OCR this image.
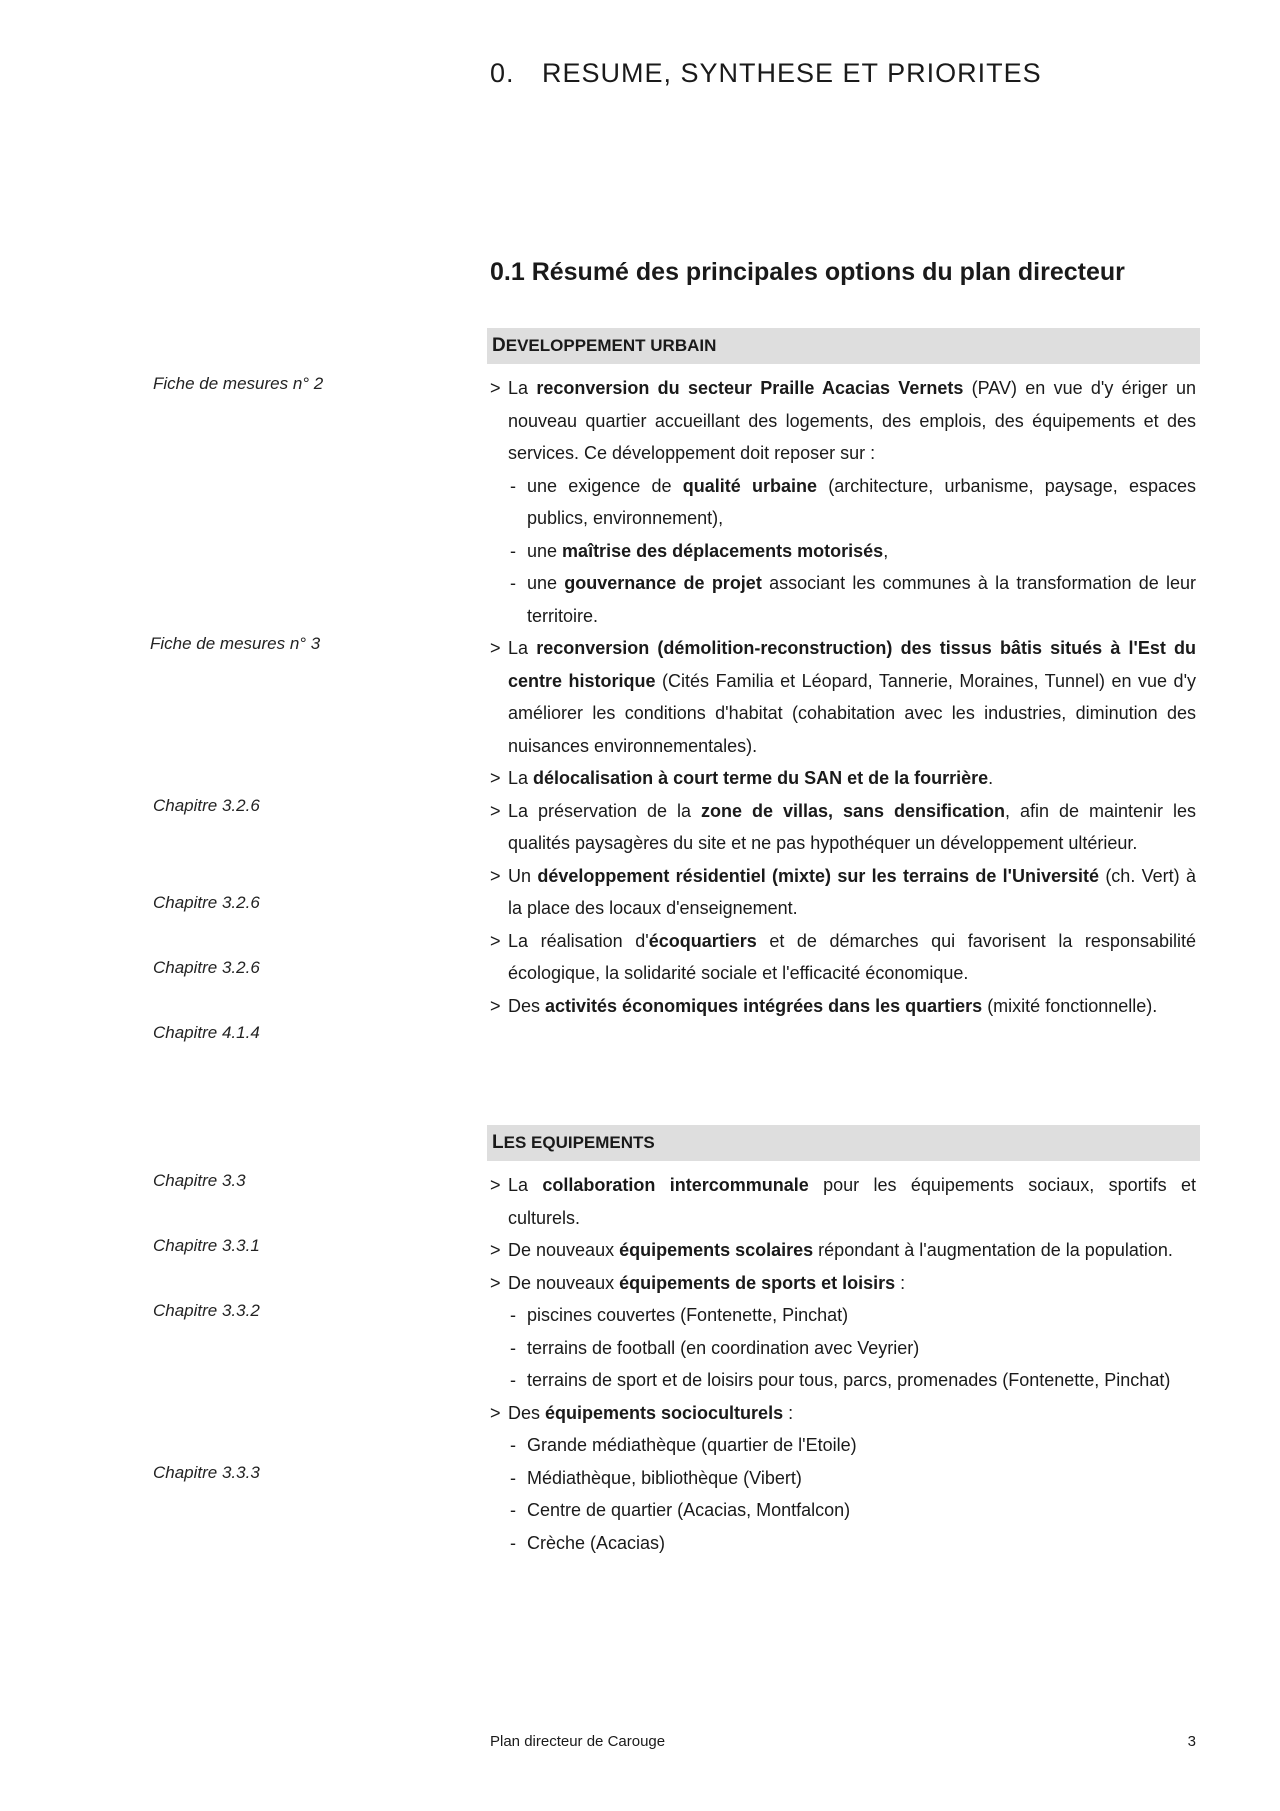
0. RESUME, SYNTHESE ET PRIORITES
0.1 Résumé des principales options du plan directeur
DEVELOPPEMENT URBAIN
Fiche de mesures n° 2
Fiche de mesures n° 3
Chapitre 3.2.6
Chapitre 3.2.6
Chapitre 3.2.6
Chapitre 4.1.4
> La reconversion du secteur Praille Acacias Vernets (PAV) en vue d'y ériger un nouveau quartier accueillant des logements, des emplois, des équipements et des services. Ce développement doit reposer sur :
- une exigence de qualité urbaine (architecture, urbanisme, paysage, espaces publics, environnement),
- une maîtrise des déplacements motorisés,
- une gouvernance de projet associant les communes à la transformation de leur territoire.
> La reconversion (démolition-reconstruction) des tissus bâtis situés à l'Est du centre historique (Cités Familia et Léopard, Tannerie, Moraines, Tunnel) en vue d'y améliorer les conditions d'habitat (cohabitation avec les industries, diminution des nuisances environnementales).
> La délocalisation à court terme du SAN et de la fourrière.
> La préservation de la zone de villas, sans densification, afin de maintenir les qualités paysagères du site et ne pas hypothéquer un développement ultérieur.
> Un développement résidentiel (mixte) sur les terrains de l'Université (ch. Vert) à la place des locaux d'enseignement.
> La réalisation d'écoquartiers et de démarches qui favorisent la responsabilité écologique, la solidarité sociale et l'efficacité économique.
> Des activités économiques intégrées dans les quartiers (mixité fonctionnelle).
LES EQUIPEMENTS
Chapitre 3.3
Chapitre 3.3.1
Chapitre 3.3.2
Chapitre 3.3.3
> La collaboration intercommunale pour les équipements sociaux, sportifs et culturels.
> De nouveaux équipements scolaires répondant à l'augmentation de la population.
> De nouveaux équipements de sports et loisirs :
- piscines couvertes (Fontenette, Pinchat)
- terrains de football (en coordination avec Veyrier)
- terrains de sport et de loisirs pour tous, parcs, promenades (Fontenette, Pinchat)
> Des équipements socioculturels :
- Grande médiathèque (quartier de l'Etoile)
- Médiathèque, bibliothèque (Vibert)
- Centre de quartier (Acacias, Montfalcon)
- Crèche (Acacias)
Plan directeur de Carouge	3
